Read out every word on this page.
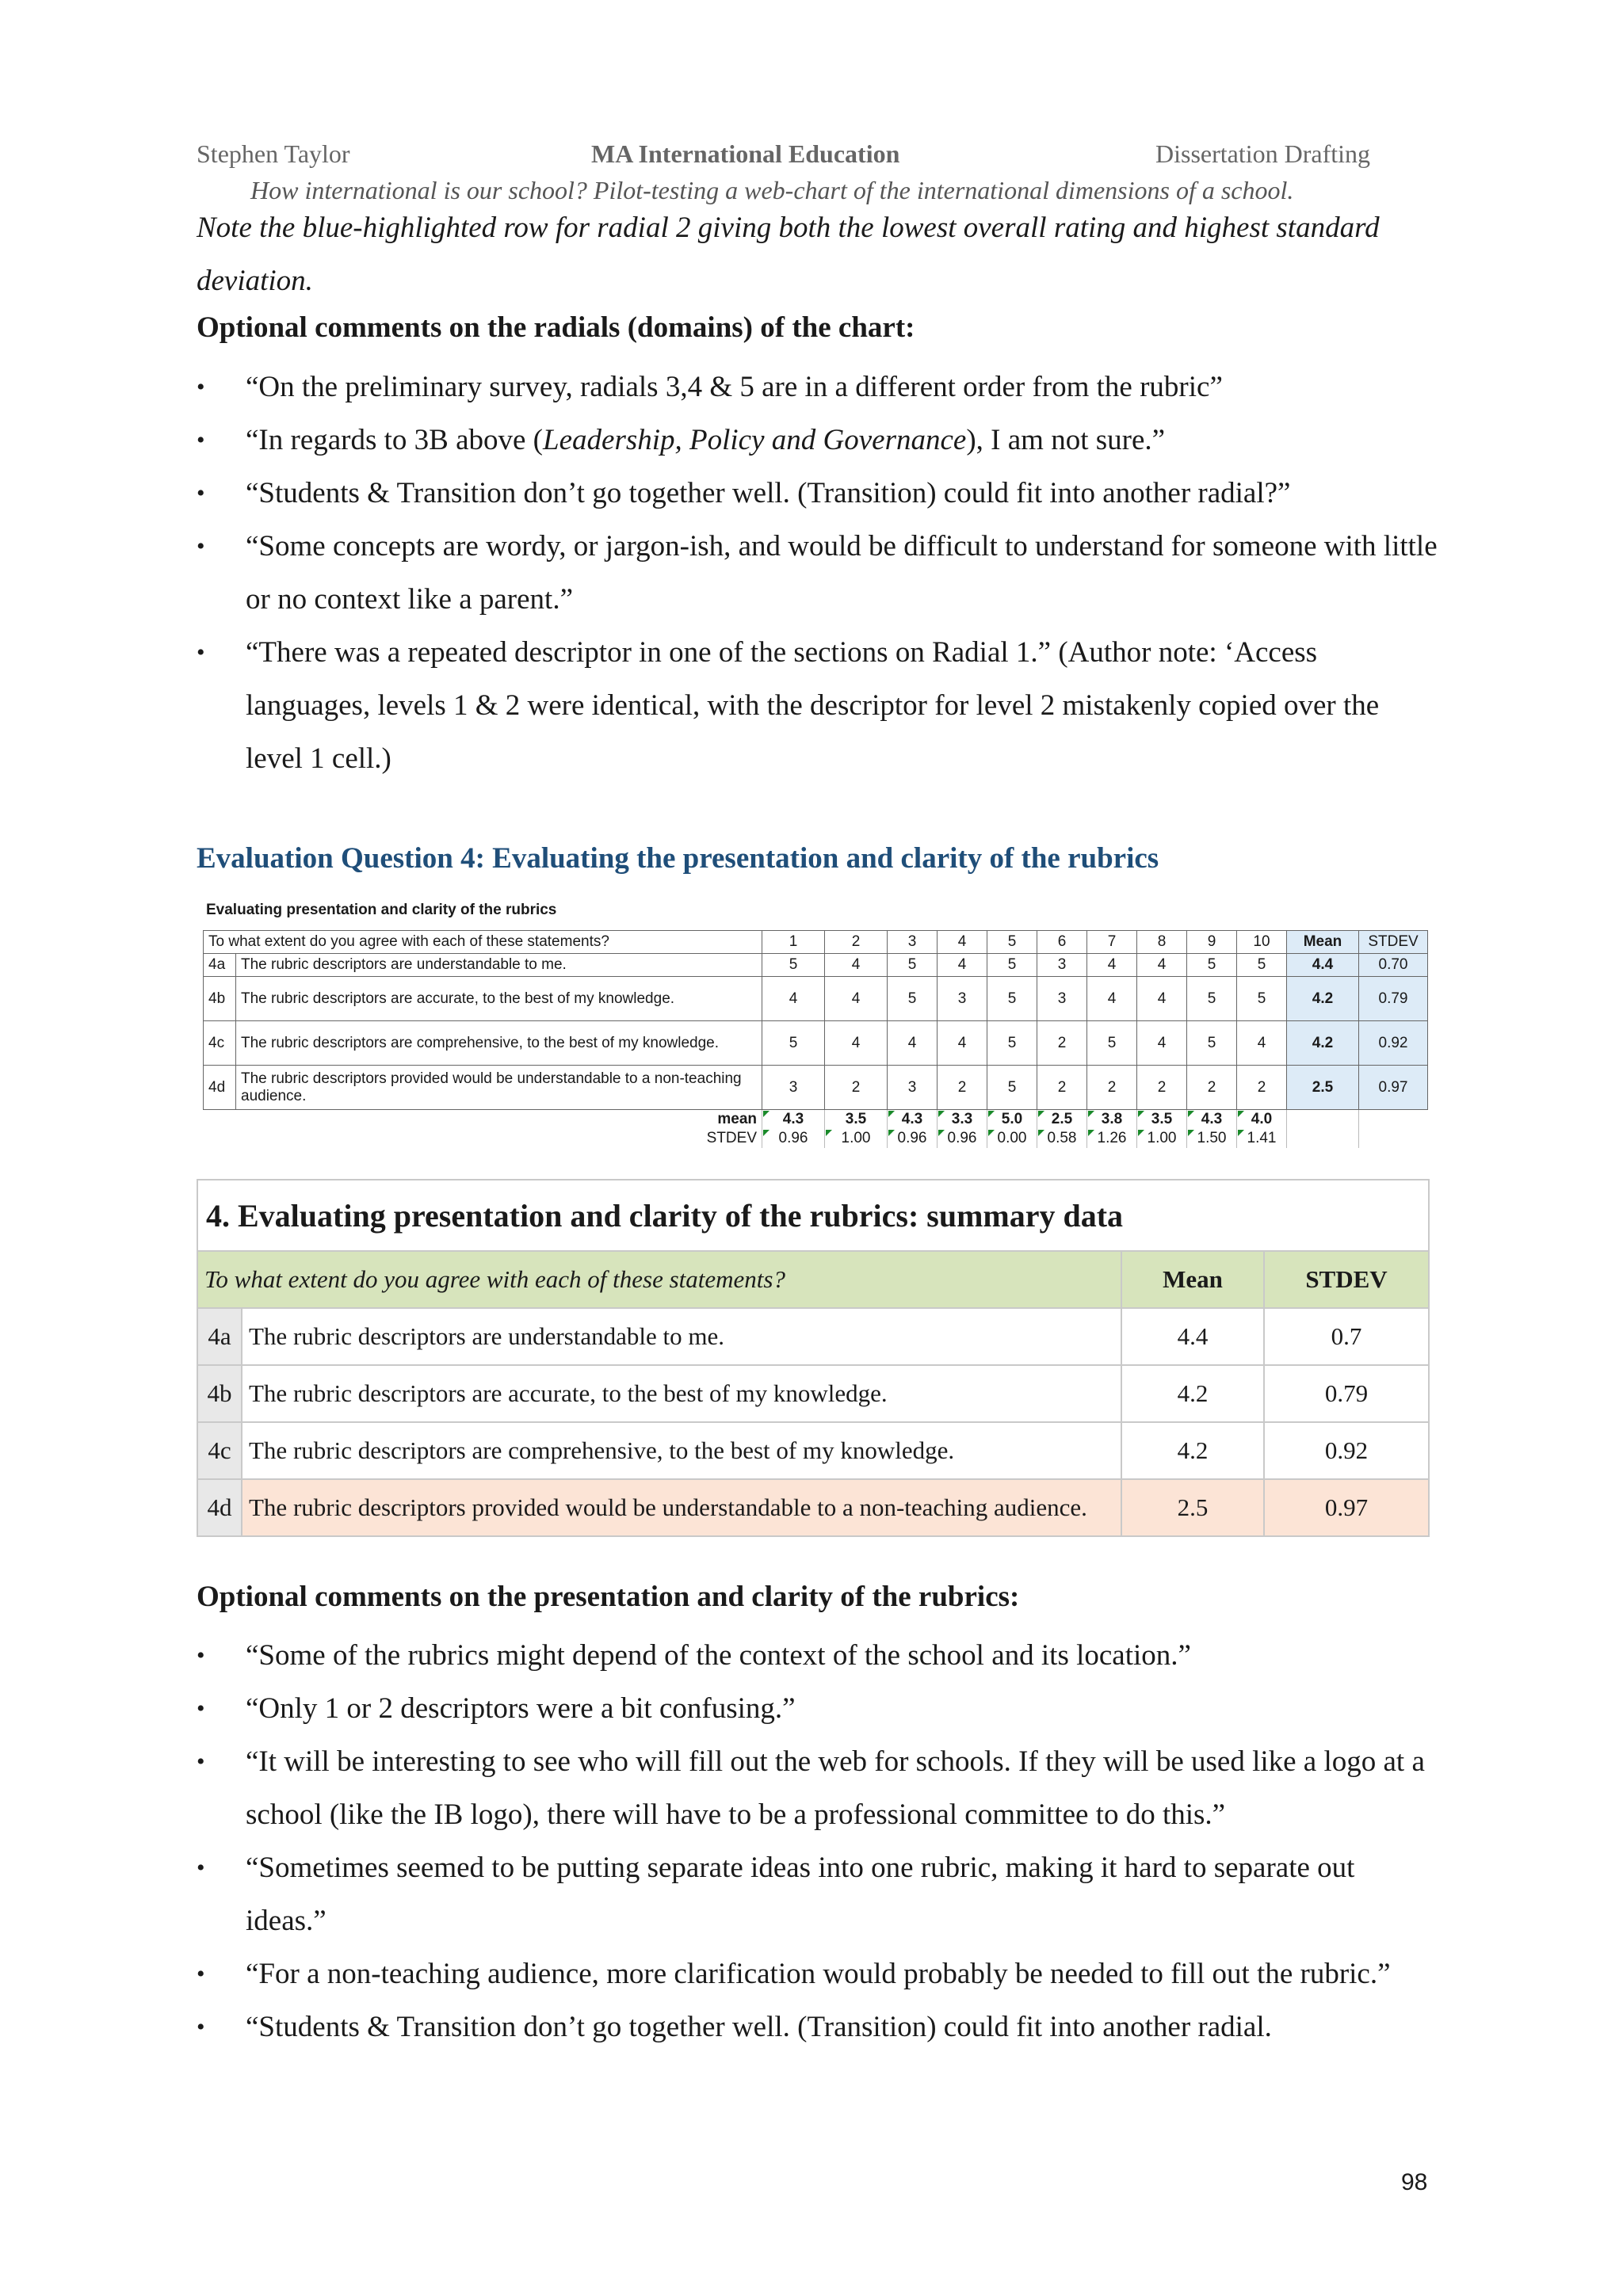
Stephen Taylor	MA International Education	Dissertation Drafting
How international is our school? Pilot-testing a web-chart of the international dimensions of a school.
Note the blue-highlighted row for radial 2 giving both the lowest overall rating and highest standard deviation.
Optional comments on the radials (domains) of the chart:
• “On the preliminary survey, radials 3,4 & 5 are in a different order from the rubric”
• “In regards to 3B above (Leadership, Policy and Governance), I am not sure.”
• “Students & Transition don’t go together well. (Transition) could fit into another radial?”
• “Some concepts are wordy, or jargon-ish, and would be difficult to understand for someone with little or no context like a parent.”
• “There was a repeated descriptor in one of the sections on Radial 1.” (Author note: ‘Access languages, levels 1 & 2 were identical, with the descriptor for level 2 mistakenly copied over the level 1 cell.)
Evaluation Question 4: Evaluating the presentation and clarity of the rubrics
Evaluating presentation and clarity of the rubrics
To what extent do you agree with each of these statements?		1	2	3	4	5	6	7	8	9	10	Mean	STDEV
4a	The rubric descriptors are understandable to me.	5	4	5	4	5	3	4	4	5	5	4.4	0.70
4b	The rubric descriptors are accurate, to the best of my knowledge.	4	4	5	3	5	3	4	4	5	5	4.2	0.79
4c	The rubric descriptors are comprehensive, to the best of my knowledge.	5	4	4	4	5	2	5	4	5	4	4.2	0.92
4d	The rubric descriptors provided would be understandable to a non-teaching audience.	3	2	3	2	5	2	2	2	2	2	2.5	0.97
mean		4.3	3.5	4.3	3.3	5.0	2.5	3.8	3.5	4.3	4.0		
STDEV		0.96	1.00	0.96	0.96	0.00	0.58	1.26	1.00	1.50	1.41		
4. Evaluating presentation and clarity of the rubrics: summary data			
To what extent do you agree with each of these statements?		Mean	STDEV
4a	The rubric descriptors are understandable to me.	4.4	0.7
4b	The rubric descriptors are accurate, to the best of my knowledge.	4.2	0.79
4c	The rubric descriptors are comprehensive, to the best of my knowledge.	4.2	0.92
4d	The rubric descriptors provided would be understandable to a non-teaching audience.	2.5	0.97
Optional comments on the presentation and clarity of the rubrics:
• “Some of the rubrics might depend of the context of the school and its location.”
• “Only 1 or 2 descriptors were a bit confusing.”
• “It will be interesting to see who will fill out the web for schools. If they will be used like a logo at a school (like the IB logo), there will have to be a professional committee to do this.”
• “Sometimes seemed to be putting separate ideas into one rubric, making it hard to separate out ideas.”
• “For a non-teaching audience, more clarification would probably be needed to fill out the rubric.”
• “Students & Transition don’t go together well. (Transition) could fit into another radial.
98
